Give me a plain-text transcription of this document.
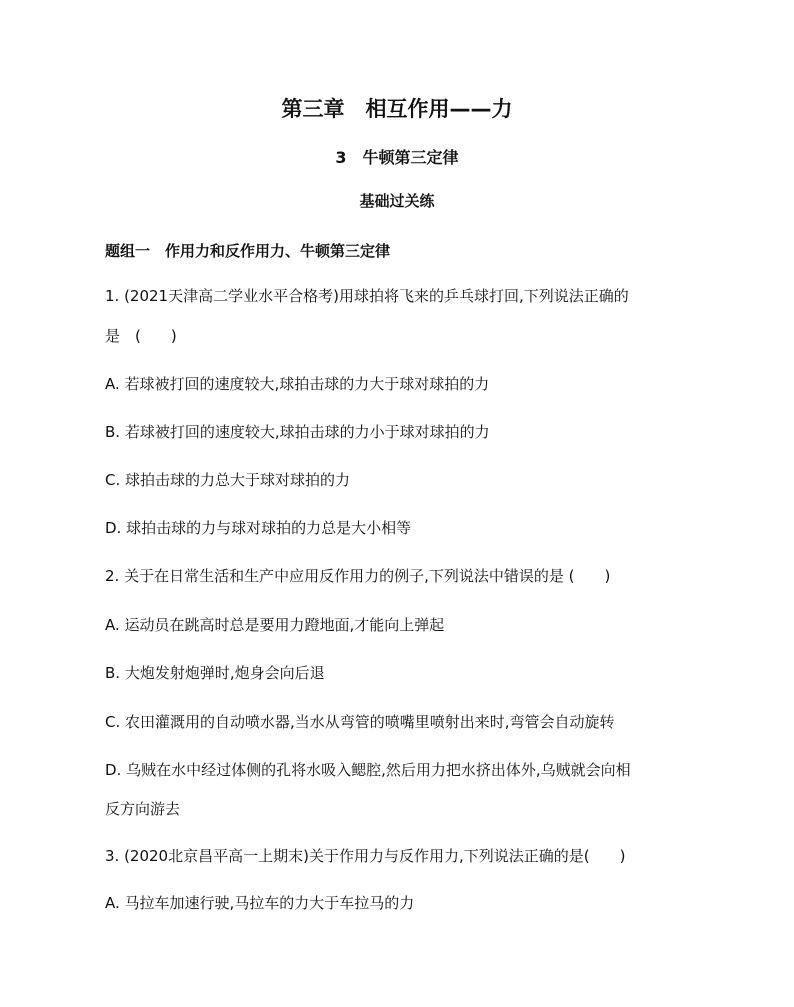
第三章　相互作用——力
3　牛顿第三定律
基础过关练
题组一　作用力和反作用力、牛顿第三定律
1. (2021天津高二学业水平合格考)用球拍将飞来的乒乓球打回,下列说法正确的
是　(　　)
A. 若球被打回的速度较大,球拍击球的力大于球对球拍的力
B. 若球被打回的速度较大,球拍击球的力小于球对球拍的力
C. 球拍击球的力总大于球对球拍的力
D. 球拍击球的力与球对球拍的力总是大小相等
2. 关于在日常生活和生产中应用反作用力的例子,下列说法中错误的是 (　　)
A. 运动员在跳高时总是要用力蹬地面,才能向上弹起
B. 大炮发射炮弹时,炮身会向后退
C. 农田灌溉用的自动喷水器,当水从弯管的喷嘴里喷射出来时,弯管会自动旋转
D. 乌贼在水中经过体侧的孔将水吸入鳃腔,然后用力把水挤出体外,乌贼就会向相
反方向游去
3. (2020北京昌平高一上期末)关于作用力与反作用力,下列说法正确的是(　　)
A. 马拉车加速行驶,马拉车的力大于车拉马的力
